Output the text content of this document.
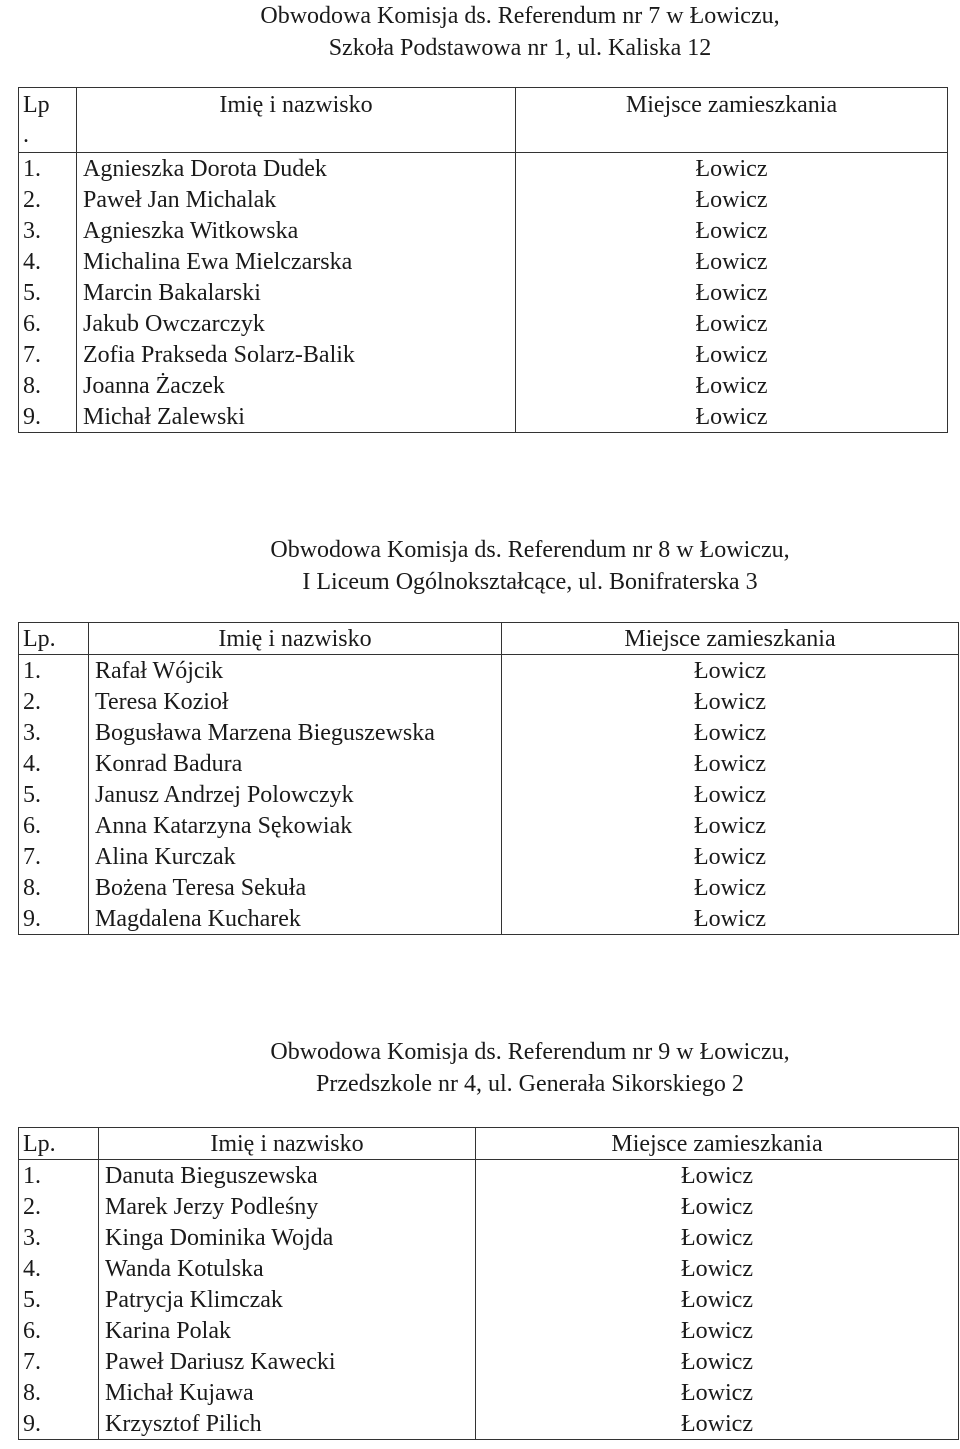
Obwodowa Komisja ds. Referendum nr 7 w Łowiczu,
Szkoła Podstawowa nr 1, ul. Kaliska 12
Lp
.	Imię i nazwisko	Miejsce zamieszkania
1.	Agnieszka Dorota Dudek	Łowicz
2.	Paweł Jan Michalak	Łowicz
3.	Agnieszka Witkowska	Łowicz
4.	Michalina Ewa Mielczarska	Łowicz
5.	Marcin Bakalarski	Łowicz
6.	Jakub Owczarczyk	Łowicz
7.	Zofia Prakseda Solarz-Balik	Łowicz
8.	Joanna Żaczek	Łowicz
9.	Michał Zalewski	Łowicz
Obwodowa Komisja ds. Referendum nr 8 w Łowiczu,
I Liceum Ogólnokształcące, ul. Bonifraterska 3
Lp.	Imię i nazwisko	Miejsce zamieszkania
1.	Rafał Wójcik	Łowicz
2.	Teresa Kozioł	Łowicz
3.	Bogusława Marzena Bieguszewska	Łowicz
4.	Konrad Badura	Łowicz
5.	Janusz Andrzej Polowczyk	Łowicz
6.	Anna Katarzyna Sękowiak	Łowicz
7.	Alina Kurczak	Łowicz
8.	Bożena Teresa Sekuła	Łowicz
9.	Magdalena Kucharek	Łowicz
Obwodowa Komisja ds. Referendum nr 9 w Łowiczu,
Przedszkole nr 4, ul. Generała Sikorskiego 2
Lp.	Imię i nazwisko	Miejsce zamieszkania
1.	Danuta Bieguszewska	Łowicz
2.	Marek Jerzy Podleśny	Łowicz
3.	Kinga Dominika Wojda	Łowicz
4.	Wanda Kotulska	Łowicz
5.	Patrycja Klimczak	Łowicz
6.	Karina Polak	Łowicz
7.	Paweł Dariusz Kawecki	Łowicz
8.	Michał Kujawa	Łowicz
9.	Krzysztof Pilich	Łowicz
